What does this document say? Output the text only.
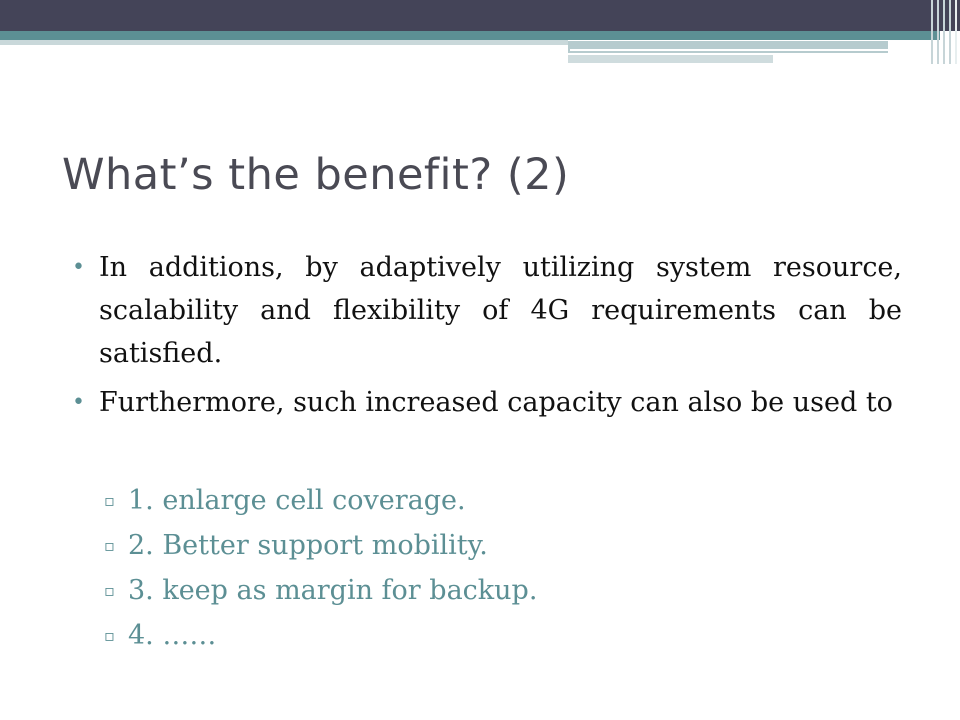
What’s the benefit? (2)
• In additions, by adaptively utilizing system resource, scalability and flexibility of 4G requirements can be satisfied.
• Furthermore, such increased capacity can also be used to
▫ 1. enlarge cell coverage.
▫ 2. Better support mobility.
▫ 3. keep as margin for backup.
▫ 4. ……
